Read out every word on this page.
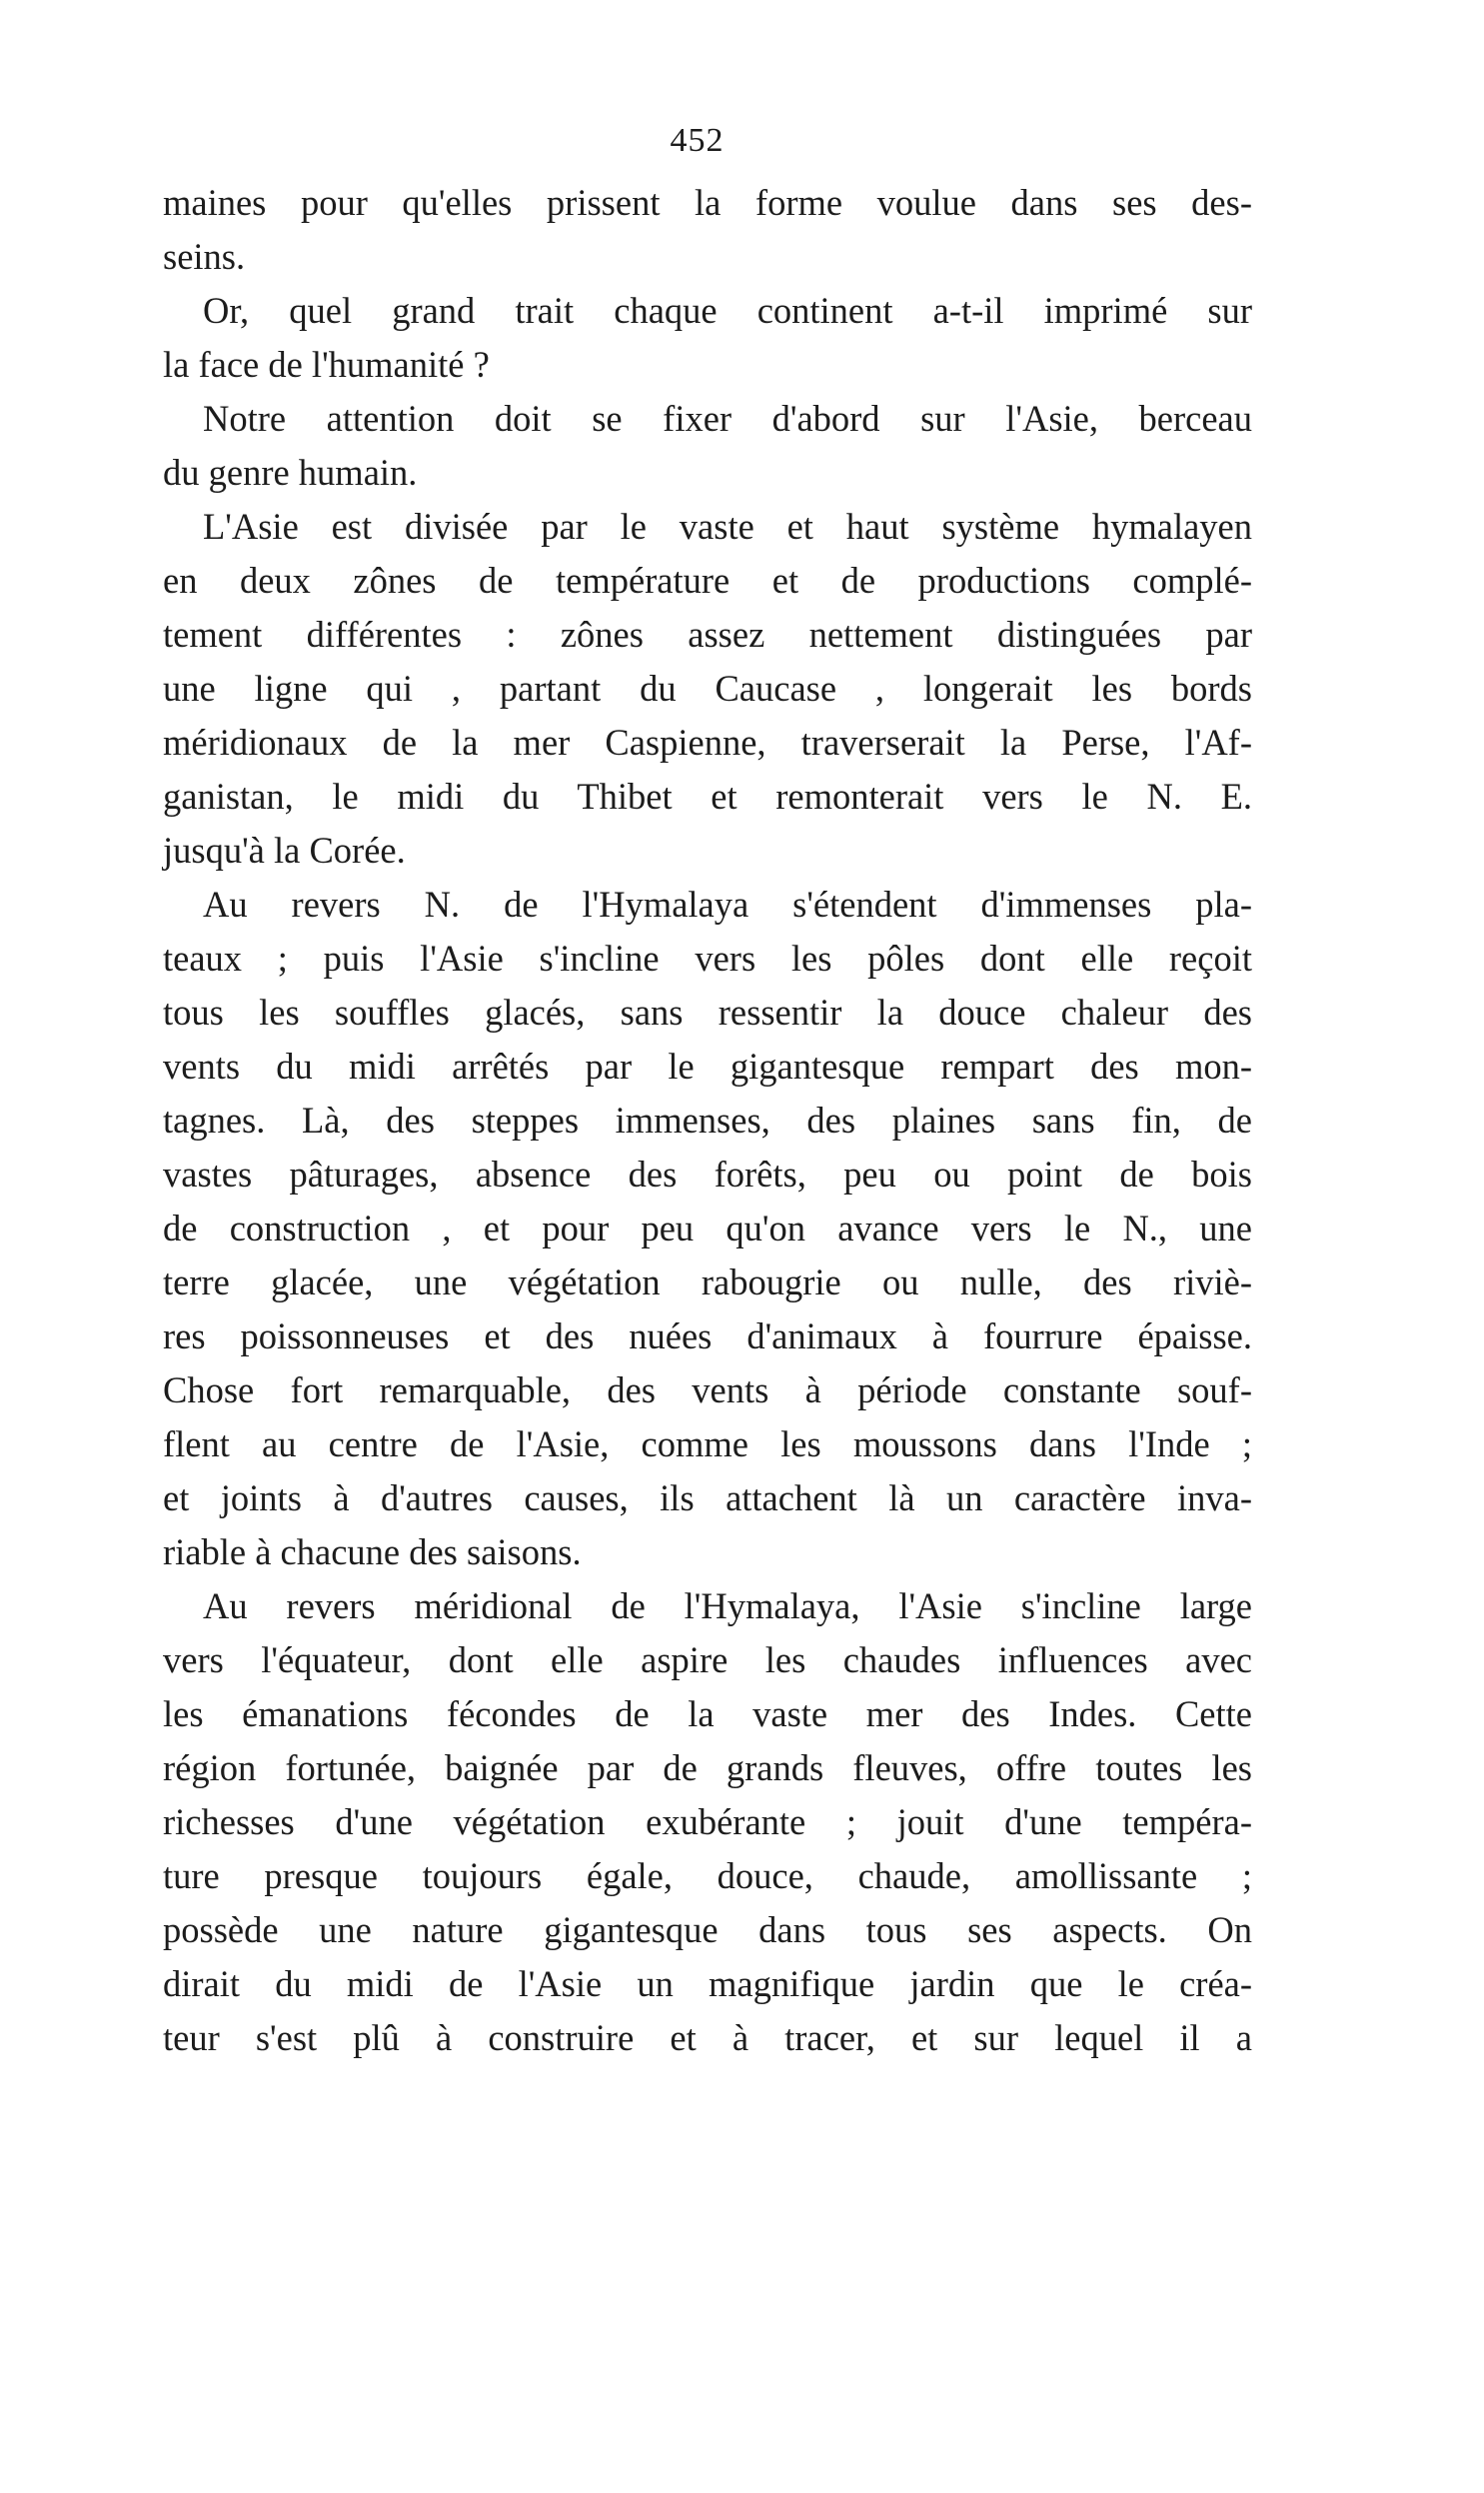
452
maines pour qu'elles prissent la forme voulue dans ses des-
seins.
Or, quel grand trait chaque continent a-t-il imprimé sur
la face de l'humanité ?
Notre attention doit se fixer d'abord sur l'Asie, berceau
du genre humain.
L'Asie est divisée par le vaste et haut système hymalayen
en deux zônes de température et de productions complé-
tement différentes : zônes assez nettement distinguées par
une ligne qui , partant du Caucase , longerait les bords
méridionaux de la mer Caspienne, traverserait la Perse, l'Af-
ganistan, le midi du Thibet et remonterait vers le N. E.
jusqu'à la Corée.
Au revers N. de l'Hymalaya s'étendent d'immenses pla-
teaux ; puis l'Asie s'incline vers les pôles dont elle reçoit
tous les souffles glacés, sans ressentir la douce chaleur des
vents du midi arrêtés par le gigantesque rempart des mon-
tagnes. Là, des steppes immenses, des plaines sans fin, de
vastes pâturages, absence des forêts, peu ou point de bois
de construction , et pour peu qu'on avance vers le N., une
terre glacée, une végétation rabougrie ou nulle, des riviè-
res poissonneuses et des nuées d'animaux à fourrure épaisse.
Chose fort remarquable, des vents à période constante souf-
flent au centre de l'Asie, comme les moussons dans l'Inde ;
et joints à d'autres causes, ils attachent là un caractère inva-
riable à chacune des saisons.
Au revers méridional de l'Hymalaya, l'Asie s'incline large
vers l'équateur, dont elle aspire les chaudes influences avec
les émanations fécondes de la vaste mer des Indes. Cette
région fortunée, baignée par de grands fleuves, offre toutes les
richesses d'une végétation exubérante ; jouit d'une tempéra-
ture presque toujours égale, douce, chaude, amollissante ;
possède une nature gigantesque dans tous ses aspects. On
dirait du midi de l'Asie un magnifique jardin que le créa-
teur s'est plû à construire et à tracer, et sur lequel il a
